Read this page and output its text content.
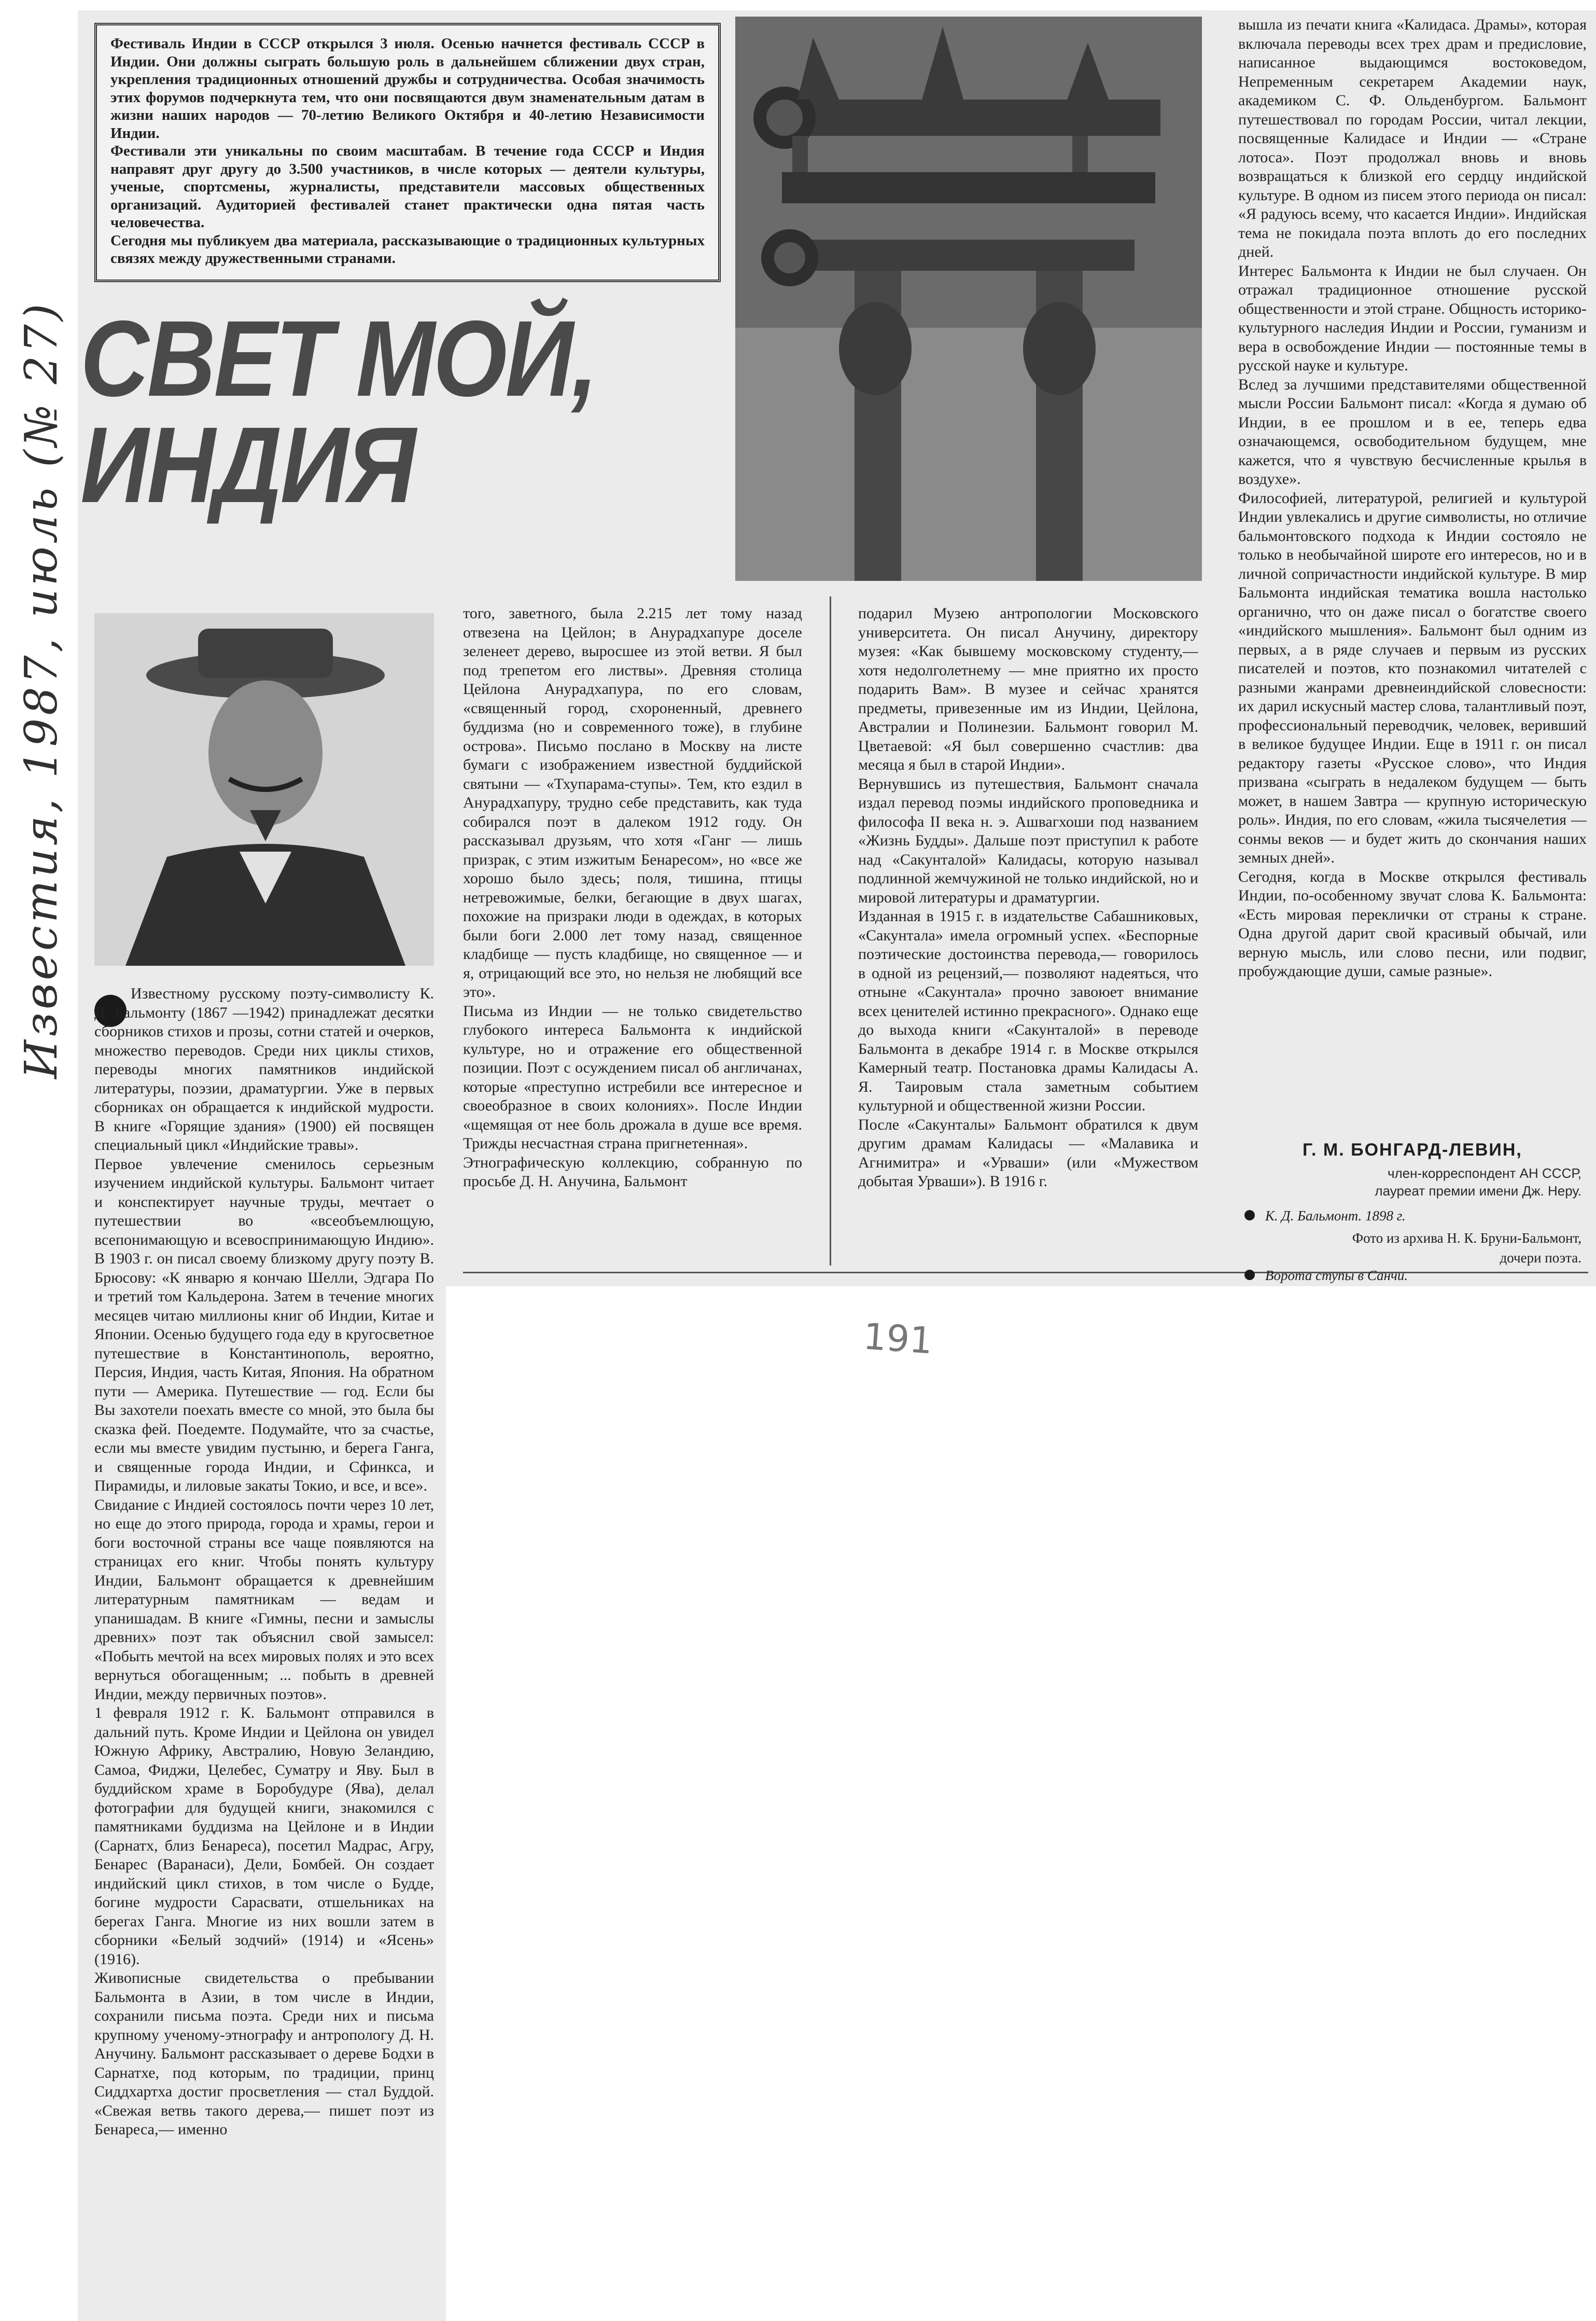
Известия, 1987, июль (№ 27)

Фестиваль Индии в СССР открылся 3 июля. Осенью начнется фестиваль СССР в Индии. Они должны сыграть большую роль в дальнейшем сближении двух стран, укрепления традиционных отношений дружбы и сотрудничества. Особая значимость этих форумов подчеркнута тем, что они посвящаются двум знаменательным датам в жизни наших народов — 70-летию Великого Октября и 40-летию Независимости Индии.
Фестивали эти уникальны по своим масштабам. В течение года СССР и Индия направят друг другу до 3.500 участников, в числе которых — деятели культуры, ученые, спортсмены, журналисты, представители массовых общественных организаций. Аудиторией фестивалей станет практически одна пятая часть человечества.
Сегодня мы публикуем два материала, рассказывающие о традиционных культурных связях между дружественными странами.

СВЕТ МОЙ,
ИНДИЯ

Известному русскому поэту-символисту К. Д. Бальмонту (1867 —1942) принадлежат десятки сборников стихов и прозы, сотни статей и очерков, множество переводов. Среди них циклы стихов, переводы многих памятников индийской литературы, поэзии, драматургии. Уже в первых сборниках он обращается к индийской мудрости. В книге «Горящие здания» (1900) ей посвящен специальный цикл «Индийские травы».
Первое увлечение сменилось серьезным изучением индийской культуры. Бальмонт читает и конспектирует научные труды, мечтает о путешествии во «всеобъемлющую, всепонимающую и всевоспринимающую Индию». В 1903 г. он писал своему близкому другу поэту В. Брюсову: «К январю я кончаю Шелли, Эдгара По и третий том Кальдерона. Затем в течение многих месяцев читаю миллионы книг об Индии, Китае и Японии. Осенью будущего года еду в кругосветное путешествие в Константинополь, вероятно, Персия, Индия, часть Китая, Япония. На обратном пути — Америка. Путешествие — год. Если бы Вы захотели поехать вместе со мной, это была бы сказка фей. Поедемте. Подумайте, что за счастье, если мы вместе увидим пустыню, и берега Ганга, и священные города Индии, и Сфинкса, и Пирамиды, и лиловые закаты Токио, и все, и все».
Свидание с Индией состоялось почти через 10 лет, но еще до этого природа, города и храмы, герои и боги восточной страны все чаще появляются на страницах его книг. Чтобы понять культуру Индии, Бальмонт обращается к древнейшим литературным памятникам — ведам и упанишадам. В книге «Гимны, песни и замыслы древних» поэт так объяснил свой замысел: «Побыть мечтой на всех мировых полях и это всех вернуться обогащенным; ... побыть в древней Индии, между первичных поэтов».
1 февраля 1912 г. К. Бальмонт отправился в дальний путь. Кроме Индии и Цейлона он увидел Южную Африку, Австралию, Новую Зеландию, Самоа, Фиджи, Целебес, Суматру и Яву. Был в буддийском храме в Боробудуре (Ява), делал фотографии для будущей книги, знакомился с памятниками буддизма на Цейлоне и в Индии (Сарнатх, близ Бенареса), посетил Мадрас, Агру, Бенарес (Варанаси), Дели, Бомбей. Он создает индийский цикл стихов, в том числе о Будде, богине мудрости Сарасвати, отшельниках на берегах Ганга. Многие из них вошли затем в сборники «Белый зодчий» (1914) и «Ясень» (1916).
Живописные свидетельства о пребывании Бальмонта в Азии, в том числе в Индии, сохранили письма поэта. Среди них и письма крупному ученому-этнографу и антропологу Д. Н. Анучину. Бальмонт рассказывает о дереве Бодхи в Сарнатхе, под которым, по традиции, принц Сиддхартха достиг просветления — стал Буддой. «Свежая ветвь такого дерева,— пишет поэт из Бенареса,— именно

того, заветного, была 2.215 лет тому назад отвезена на Цейлон; в Анурадхапуре доселе зеленеет дерево, выросшее из этой ветви. Я был под трепетом его листвы». Древняя столица Цейлона Анурадхапура, по его словам, «священный город, схороненный, древнего буддизма (но и современного тоже), в глубине острова». Письмо послано в Москву на листе бумаги с изображением известной буддийской святыни — «Тхупарама-ступы». Тем, кто ездил в Анурадхапуру, трудно себе представить, как туда собирался поэт в далеком 1912 году. Он рассказывал друзьям, что хотя «Ганг — лишь призрак, с этим изжитым Бенаресом», но «все же хорошо было здесь; поля, тишина, птицы нетревожимые, белки, бегающие в двух шагах, похожие на призраки люди в одеждах, в которых были боги 2.000 лет тому назад, священное кладбище — пусть кладбище, но священное — и я, отрицающий все это, но нельзя не любящий все это».
Письма из Индии — не только свидетельство глубокого интереса Бальмонта к индийской культуре, но и отражение его общественной позиции. Поэт с осуждением писал об англичанах, которые «преступно истребили все интересное и своеобразное в своих колониях». После Индии «щемящая от нее боль дрожала в душе все время. Трижды несчастная страна пригнетенная».
Этнографическую коллекцию, собранную по просьбе Д. Н. Анучина, Бальмонт

подарил Музею антропологии Московского университета. Он писал Анучину, директору музея: «Как бывшему московскому студенту,— хотя недолголетнему — мне приятно их просто подарить Вам». В музее и сейчас хранятся предметы, привезенные им из Индии, Цейлона, Австралии и Полинезии. Бальмонт говорил М. Цветаевой: «Я был совершенно счастлив: два месяца я был в старой Индии».
Вернувшись из путешествия, Бальмонт сначала издал перевод поэмы индийского проповедника и философа II века н. э. Ашвагхоши под названием «Жизнь Будды». Дальше поэт приступил к работе над «Сакунталой» Калидасы, которую называл подлинной жемчужиной не только индийской, но и мировой литературы и драматургии.
Изданная в 1915 г. в издательстве Сабашниковых, «Сакунтала» имела огромный успех. «Беспорные поэтические достоинства перевода,— говорилось в одной из рецензий,— позволяют надеяться, что отныне «Сакунтала» прочно завоюет внимание всех ценителей истинно прекрасного». Однако еще до выхода книги «Сакунталой» в переводе Бальмонта в декабре 1914 г. в Москве открылся Камерный театр. Постановка драмы Калидасы А. Я. Таировым стала заметным событием культурной и общественной жизни России.
После «Сакунталы» Бальмонт обратился к двум другим драмам Калидасы — «Малавика и Агнимитра» и «Урваши» (или «Мужеством добытая Урваши»). В 1916 г.

вышла из печати книга «Калидаса. Драмы», которая включала переводы всех трех драм и предисловие, написанное выдающимся востоковедом, Непременным секретарем Академии наук, академиком С. Ф. Ольденбургом. Бальмонт путешествовал по городам России, читал лекции, посвященные Калидасе и Индии — «Стране лотоса». Поэт продолжал вновь и вновь возвращаться к близкой его сердцу индийской культуре. В одном из писем этого периода он писал: «Я радуюсь всему, что касается Индии». Индийская тема не покидала поэта вплоть до его последних дней.
Интерес Бальмонта к Индии не был случаен. Он отражал традиционное отношение русской общественности и этой стране. Общность историко-культурного наследия Индии и России, гуманизм и вера в освобождение Индии — постоянные темы в русской науке и культуре.
Вслед за лучшими представителями общественной мысли России Бальмонт писал: «Когда я думаю об Индии, в ее прошлом и в ее, теперь едва означающемся, освободительном будущем, мне кажется, что я чувствую бесчисленные крылья в воздухе».
Философией, литературой, религией и культурой Индии увлекались и другие символисты, но отличие бальмонтовского подхода к Индии состояло не только в необычайной широте его интересов, но и в личной сопричастности индийской культуре. В мир Бальмонта индийская тематика вошла настолько органично, что он даже писал о богатстве своего «индийского мышления». Бальмонт был одним из первых, а в ряде случаев и первым из русских писателей и поэтов, кто познакомил читателей с разными жанрами древнеиндийской словесности: их дарил искусный мастер слова, талантливый поэт, профессиональный переводчик, человек, веривший в великое будущее Индии. Еще в 1911 г. он писал редактору газеты «Русское слово», что Индия призвана «сыграть в недалеком будущем — быть может, в нашем Завтра — крупную историческую роль». Индия, по его словам, «жила тысячелетия — сонмы веков — и будет жить до скончания наших земных дней».
Сегодня, когда в Москве открылся фестиваль Индии, по-особенному звучат слова К. Бальмонта: «Есть мировая переклички от страны к стране. Одна другой дарит свой красивый обычай, или верную мысль, или слово песни, или подвиг, пробуждающие души, самые разные».

Г. М. БОНГАРД-ЛЕВИН,
член-корреспондент АН СССР,
лауреат премии имени Дж. Неру.
К. Д. Бальмонт. 1898 г.
Фото из архива Н. К. Бруни-Бальмонт,
дочери поэта.
Ворота ступы в Санчи.
191
